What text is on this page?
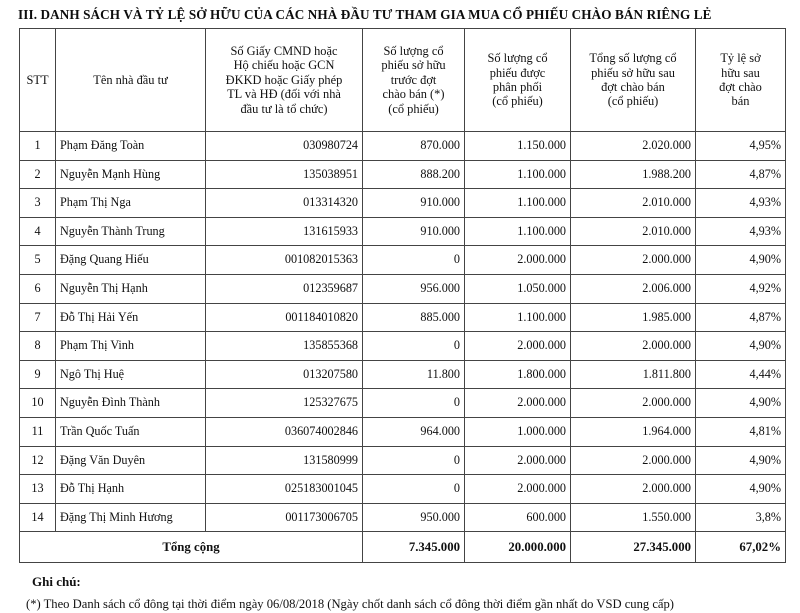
III. DANH SÁCH VÀ TỶ LỆ SỞ HỮU CỦA CÁC NHÀ ĐẦU TƯ THAM GIA MUA CỔ PHIẾU CHÀO BÁN RIÊNG LẺ
STT	Tên nhà đầu tư	Số Giấy CMND hoặc
Hộ chiếu hoặc GCN
ĐKKD hoặc Giấy phép
TL và HĐ (đối với nhà
đầu tư là tổ chức)	Số lượng cổ
phiếu sở hữu
trước đợt
chào bán (*)
(cổ phiếu)	Số lượng cổ
phiếu được
phân phối
(cổ phiếu)	Tổng số lượng cổ
phiếu sở hữu sau
đợt chào bán
(cổ phiếu)	Tỷ lệ sở
hữu sau
đợt chào
bán

1	Phạm Đăng Toàn	030980724	870.000	1.150.000	2.020.000	4,95%
2	Nguyễn Mạnh Hùng	135038951	888.200	1.100.000	1.988.200	4,87%
3	Phạm Thị Nga	013314320	910.000	1.100.000	2.010.000	4,93%
4	Nguyễn Thành Trung	131615933	910.000	1.100.000	2.010.000	4,93%
5	Đặng Quang Hiếu	001082015363	0	2.000.000	2.000.000	4,90%
6	Nguyễn Thị Hạnh	012359687	956.000	1.050.000	2.006.000	4,92%
7	Đỗ Thị Hải Yến	001184010820	885.000	1.100.000	1.985.000	4,87%
8	Phạm Thị Vinh	135855368	0	2.000.000	2.000.000	4,90%
9	Ngô Thị Huệ	013207580	11.800	1.800.000	1.811.800	4,44%
10	Nguyễn Đình Thành	125327675	0	2.000.000	2.000.000	4,90%
11	Trần Quốc Tuấn	036074002846	964.000	1.000.000	1.964.000	4,81%
12	Đặng Văn Duyên	131580999	0	2.000.000	2.000.000	4,90%
13	Đỗ Thị Hạnh	025183001045	0	2.000.000	2.000.000	4,90%
14	Đặng Thị Minh Hương	001173006705	950.000	600.000	1.550.000	3,8%
Tổng cộng			7.345.000	20.000.000	27.345.000	67,02%
Ghi chú:
(*) Theo Danh sách cổ đông tại thời điểm ngày 06/08/2018 (Ngày chốt danh sách cổ đông thời điểm gần nhất do VSD cung cấp)
